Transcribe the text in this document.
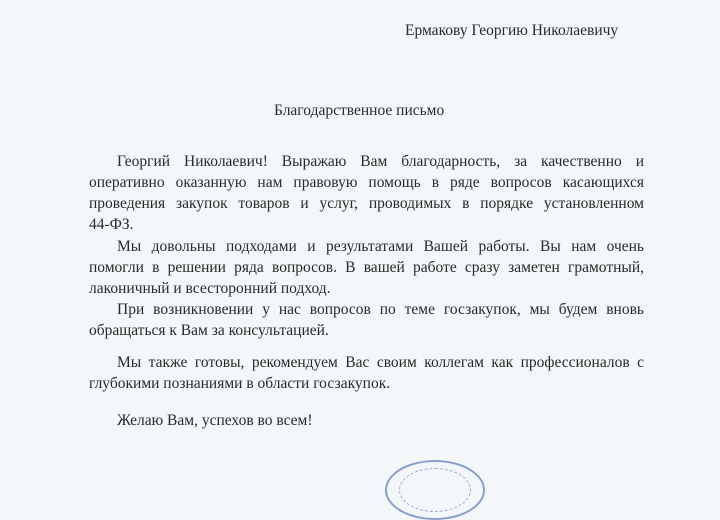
Ермакову Георгию Николаевичу
Благодарственное письмо
Георгий Николаевич! Выражаю Вам благодарность, за качественно и
оперативно оказанную нам правовую помощь в ряде вопросов касающихся
проведения закупок товаров и услуг, проводимых в порядке установленном
44-ФЗ.
Мы довольны подходами и результатами Вашей работы. Вы нам очень
помогли в решении ряда вопросов. В вашей работе сразу заметен грамотный,
лаконичный и всесторонний подход.
При возникновении у нас вопросов по теме госзакупок, мы будем вновь
обращаться к Вам за консультацией.
Мы также готовы, рекомендуем Вас своим коллегам как профессионалов с
глубокими познаниями в области госзакупок.
Желаю Вам, успехов во всем!
